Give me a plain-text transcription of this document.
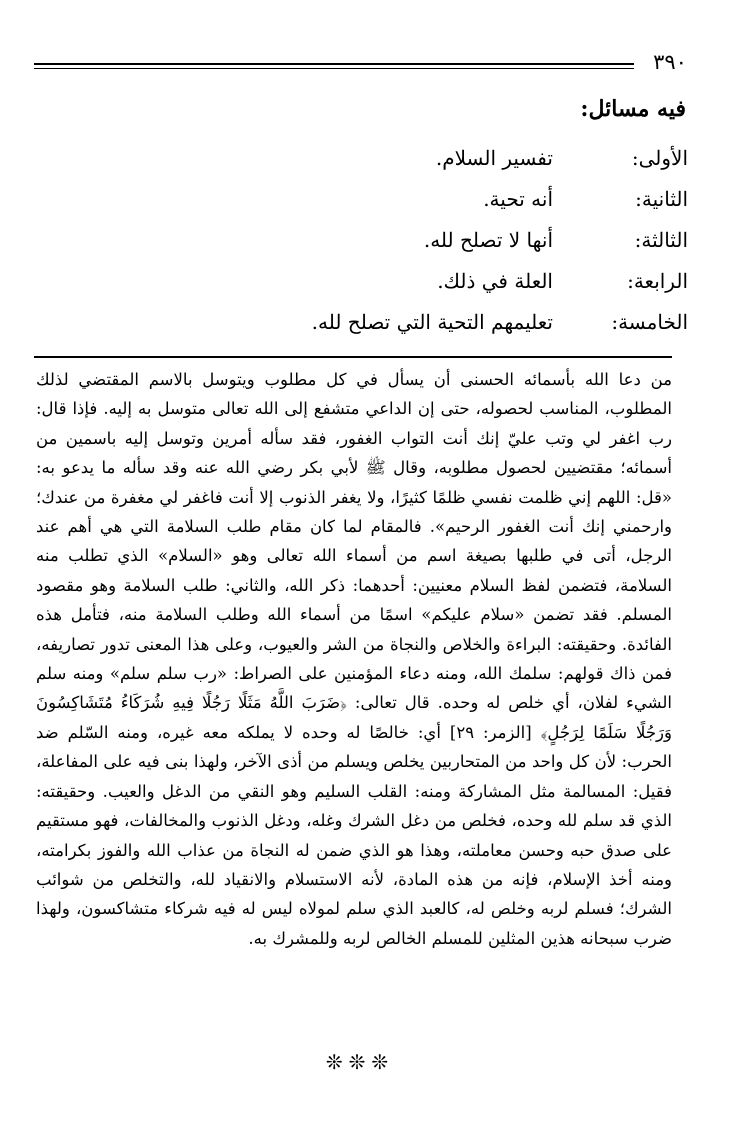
٣٩٠
فيه مسائل:
الأولى:
تفسير السلام.
الثانية:
أنه تحية.
الثالثة:
أنها لا تصلح لله.
الرابعة:
العلة في ذلك.
الخامسة:
تعليمهم التحية التي تصلح لله.

من دعا الله بأسمائه الحسنى أن يسأل في كل مطلوب ويتوسل بالاسم المقتضي لذلك المطلوب، المناسب لحصوله، حتى إن الداعي متشفع إلى الله تعالى متوسل به إليه. فإذا قال: رب اغفر لي وتب عليّ إنك أنت التواب الغفور، فقد سأله أمرين وتوسل إليه باسمين من أسمائه؛ مقتضيين لحصول مطلوبه، وقال ﷺ لأبي بكر رضي الله عنه وقد سأله ما يدعو به: «قل: اللهم إني ظلمت نفسي ظلمًا كثيرًا، ولا يغفر الذنوب إلا أنت فاغفر لي مغفرة من عندك؛ وارحمني إنك أنت الغفور الرحيم». فالمقام لما كان مقام طلب السلامة التي هي أهم عند الرجل، أتى في طلبها بصيغة اسم من أسماء الله تعالى وهو «السلام» الذي تطلب منه السلامة، فتضمن لفظ السلام معنيين: أحدهما: ذكر الله، والثاني: طلب السلامة وهو مقصود المسلم. فقد تضمن «سلام عليكم» اسمًا من أسماء الله وطلب السلامة منه، فتأمل هذه الفائدة. وحقيقته: البراءة والخلاص والنجاة من الشر والعيوب، وعلى هذا المعنى تدور تصاريفه، فمن ذاك قولهم: سلمك الله، ومنه دعاء المؤمنين على الصراط: «رب سلم سلم» ومنه سلم الشيء لفلان، أي خلص له وحده. قال تعالى: ﴿ضَرَبَ اللَّهُ مَثَلًا رَجُلًا فِيهِ شُرَكَاءُ مُتَشَاكِسُونَ وَرَجُلًا سَلَمًا لِرَجُلٍ﴾ [الزمر: ٢٩] أي: خالصًا له وحده لا يملكه معه غيره، ومنه السّلم ضد الحرب: لأن كل واحد من المتحاربين يخلص ويسلم من أذى الآخر، ولهذا بنى فيه على المفاعلة، فقيل: المسالمة مثل المشاركة ومنه: القلب السليم وهو النقي من الدغل والعيب. وحقيقته: الذي قد سلم لله وحده، فخلص من دغل الشرك وغله، ودغل الذنوب والمخالفات، فهو مستقيم على صدق حبه وحسن معاملته، وهذا هو الذي ضمن له النجاة من عذاب الله والفوز بكرامته، ومنه أخذ الإسلام، فإنه من هذه المادة، لأنه الاستسلام والانقياد لله، والتخلص من شوائب الشرك؛ فسلم لربه وخلص له، كالعبد الذي سلم لمولاه ليس له فيه شركاء متشاكسون، ولهذا ضرب سبحانه هذين المثلين للمسلم الخالص لربه وللمشرك به.

❊❊❊
